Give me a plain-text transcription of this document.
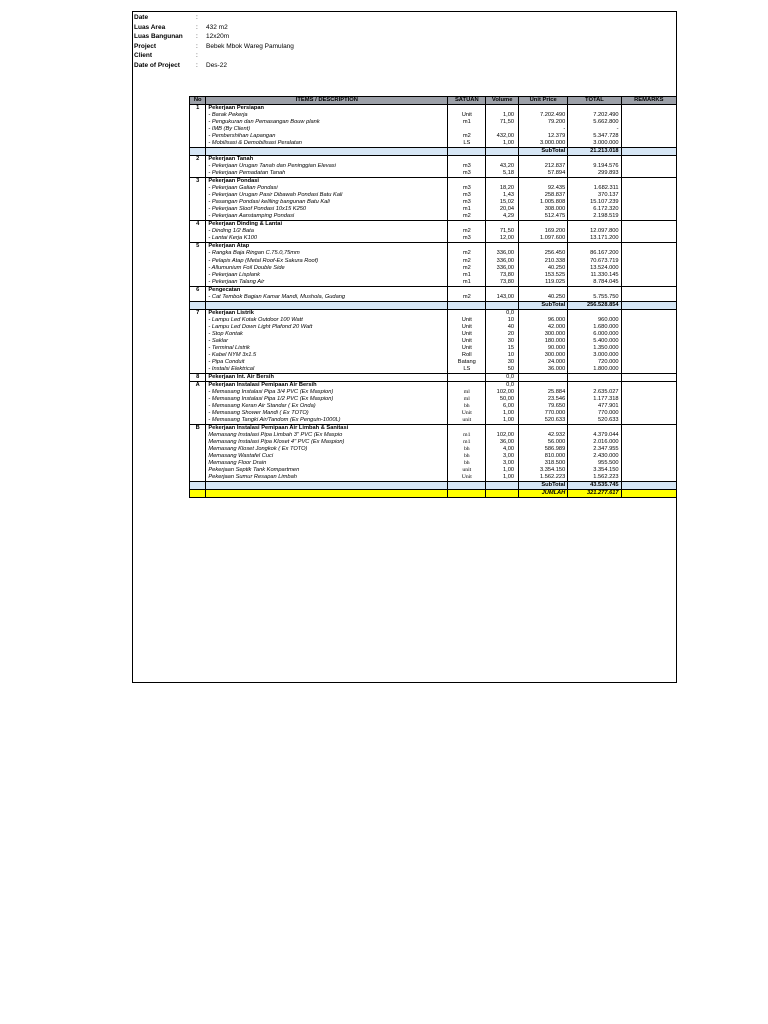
Date	:
Luas Area	:	432 m2
Luas Bangunan	:	12x20m
Project	:	Bebek Mbok Wareg Pamulang
Client	:
Date of Project	:	Des-22
No	ITEMS / DESCRIPTION	SATUAN	Volume	Unit Price	TOTAL	REMARKS
1	Pekerjaan Persiapan					
	- Barak Pekerja	Unit	1,00	7.202.490	7.202.490	
	- Pengukuran dan Pemasangan Bouw plank	m1	71,50	79.200	5.662.800	
	- IMB (By Client)			-	-	
	- Pembershihan Lapangan	m2	432,00	12.379	5.347.728	
	- Mobilisasi & Demobilisasi Peralatan	LS	1,00	3.000.000	3.000.000	
				SubTotal	21.213.018	
2	Pekerjaan Tanah					
	- Pekerjaan Urugan Tanah dan Peninggian Elevasi	m3	43,20	212.837	9.194.576	
	- Pekerjaan Pemadatan Tanah	m3	5,18	57.894	299.893	
3	Pekerjaan Pondasi					
	- Pekerjaan Galian Pondasi	m3	18,20	92.435	1.682.311	
	- Pekerjaan Urugan Pasir Dibawah Pondasi Batu Kali	m3	1,43	258.837	370.137	
	- Pasangan Pondasi keliling bangunan Batu Kali	m3	15,02	1.005.808	15.107.239	
	- Pekerjaan Sloof Pondasi 10x15 K250	m1	20,04	308.000	6.172.320	
	- Pekerjaan Aanstamping Pondasi	m2	4,29	512.475	2.198.519	
4	Pekerjaan Dinding & Lantai					
	- Dinding 1/2 Bata	m2	71,50	169.200	12.097.800	
	- Lantai Kerja K100	m3	12,00	1.097.600	13.171.200	
5	Pekerjaan Atap					
	- Rangka Baja Ringan C.75.0,75mm	m2	336,00	256.450	86.167.200	
	- Pelapis Atap (Metal Roof-Ex Sakura Roof)	m2	336,00	210.338	70.673.719	
	- Allumunium Foil Double Side	m2	336,00	40.250	13.524.000	
	- Pekerjaan Lisplank	m1	73,80	153.525	11.330.145	
	- Pekerjaan Talang Air	m1	73,80	119.025	8.784.045	
6	Pengecatan					
	- Cat Tembok Bagian Kamar Mandi, Mushola, Gudang	m2	143,00	40.250	5.755.750	
				SubTotal	256.528.854	
7	Pekerjaan Listrik		0,0			
	- Lampu Led Kotak Outdoor 100 Watt	Unit	10	96.000	960.000	
	- Lampu Led Down Light Plafond 20 Watt	Unit	40	42.000	1.680.000	
	- Stop Kontak	Unit	20	300.000	6.000.000	
	- Saklar	Unit	30	180.000	5.400.000	
	- Terminal Listrik	Unit	15	90.000	1.350.000	
	- Kabel NYM 3x1.5	Roll	10	300.000	3.000.000	
	- Pipa Conduit	Batang	30	24.000	720.000	
	- Instalsi Elektrical	LS	50	36.000	1.800.000	
8	Pekerjaan Int. Air Bersih		0,0			
A	Pekerjaan Instalasi Pemipaan Air Bersih		0,0			
	- Memasang Instalasi Pipa 3/4 PVC (Ex Maspion)	ml	102,00	25.884	2.635.027	
	- Memasang Instalasi Pipa 1/2 PVC (Ex Maspion)	ml	50,00	23.546	1.177.318	
	- Memasang Keran Air Standar ( Ex Onda)	bh	6,00	79.650	477.901	
	- Memasang Shower Mandi ( Ex TOTO)	Unit	1,00	770.000	770.000	
	- Memasang Tangki Air/Tandom (Ex Penguin-1000L)	unit	1,00	520.633	520.633	
B	Pekerjaan Instalasi Pemipaan Air Limbah & Sanitasi					
	Memasang Instalasi Pipa Limbah 3" PVC (Ex Maspio	m1	102,00	42.932	4.379.044	
	Memasang Instalasi Pipa Kloset 4" PVC (Ex Maspion)	m1	36,00	56.000	2.016.000	
	Memasang Kloset Jongkok ( Ex TOTO)	bh	4,00	586.989	2.347.955	
	Memasang Wastafel Cuci	bh	3,00	810.000	2.430.000	
	Memasang Floor Drain	bh	3,00	318.500	955.500	
	Pekerjaan Septik Tank Kompartmen	unit	1,00	3.354.150	3.354.150	
	Pekerjaan Sumur Resapan Limbah	Unit	1,00	1.562.223	1.562.223	
				SubTotal	43.535.745	
				JUMLAH	321.277.617	
